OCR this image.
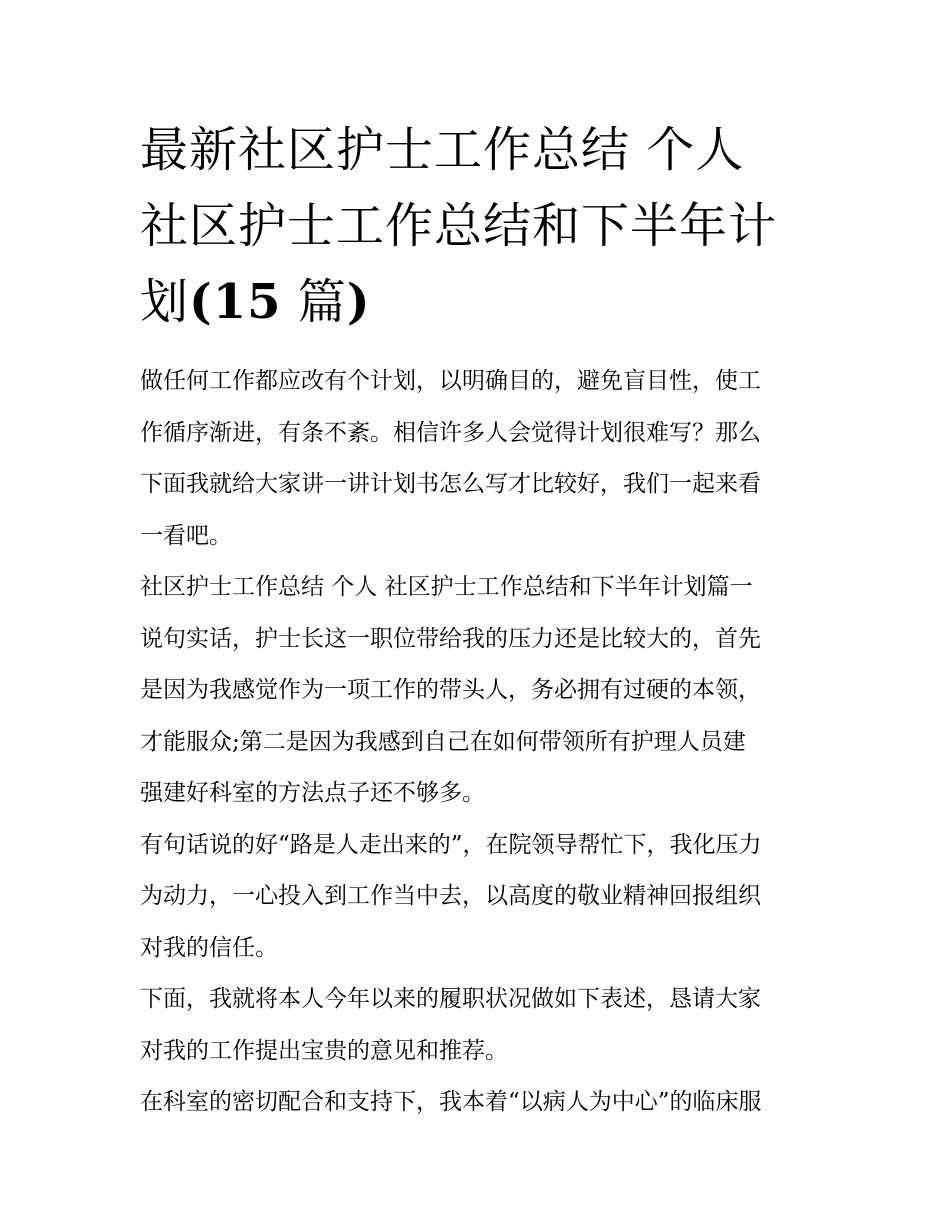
最新社区护士工作总结 个人
社区护士工作总结和下半年计
划(15 篇)
做任何工作都应改有个计划，以明确目的，避免盲目性，使工
作循序渐进，有条不紊。相信许多人会觉得计划很难写？那么
下面我就给大家讲一讲计划书怎么写才比较好，我们一起来看
一看吧。
社区护士工作总结 个人 社区护士工作总结和下半年计划篇一
说句实话，护士长这一职位带给我的压力还是比较大的，首先
是因为我感觉作为一项工作的带头人，务必拥有过硬的本领，
才能服众;第二是因为我感到自己在如何带领所有护理人员建
强建好科室的方法点子还不够多。
有句话说的好“路是人走出来的”，在院领导帮忙下，我化压力
为动力，一心投入到工作当中去，以高度的敬业精神回报组织
对我的信任。
下面，我就将本人今年以来的履职状况做如下表述，恳请大家
对我的工作提出宝贵的意见和推荐。
在科室的密切配合和支持下，我本着“以病人为中心”的临床服
